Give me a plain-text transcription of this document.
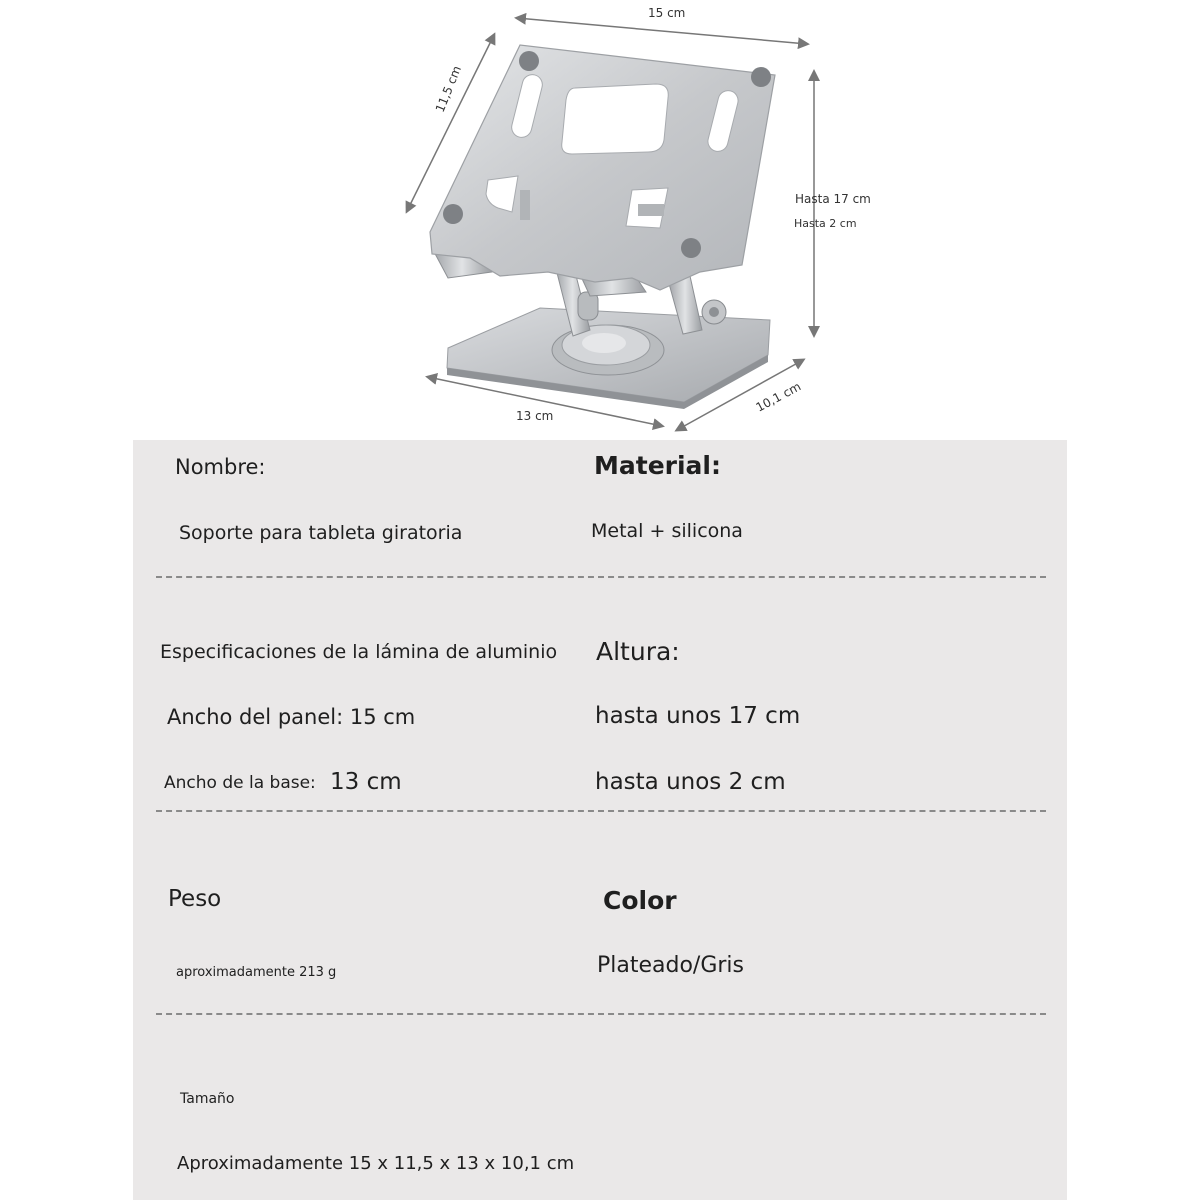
15 cm
11,5 cm
Hasta 17 cm
Hasta 2 cm
13 cm
10,1 cm
Nombre:	Material:
Soporte para tableta giratoria	Metal + silicona
Especificaciones de la lámina de aluminio Altura:
Ancho del panel: 15 cm	hasta unos 17 cm
Ancho de la base: 13 cm	hasta unos 2 cm
Peso	Color
aproximadamente 213 g	Plateado/Gris
Tamaño
Aproximadamente 15 x 11,5 x 13 x 10,1 cm
